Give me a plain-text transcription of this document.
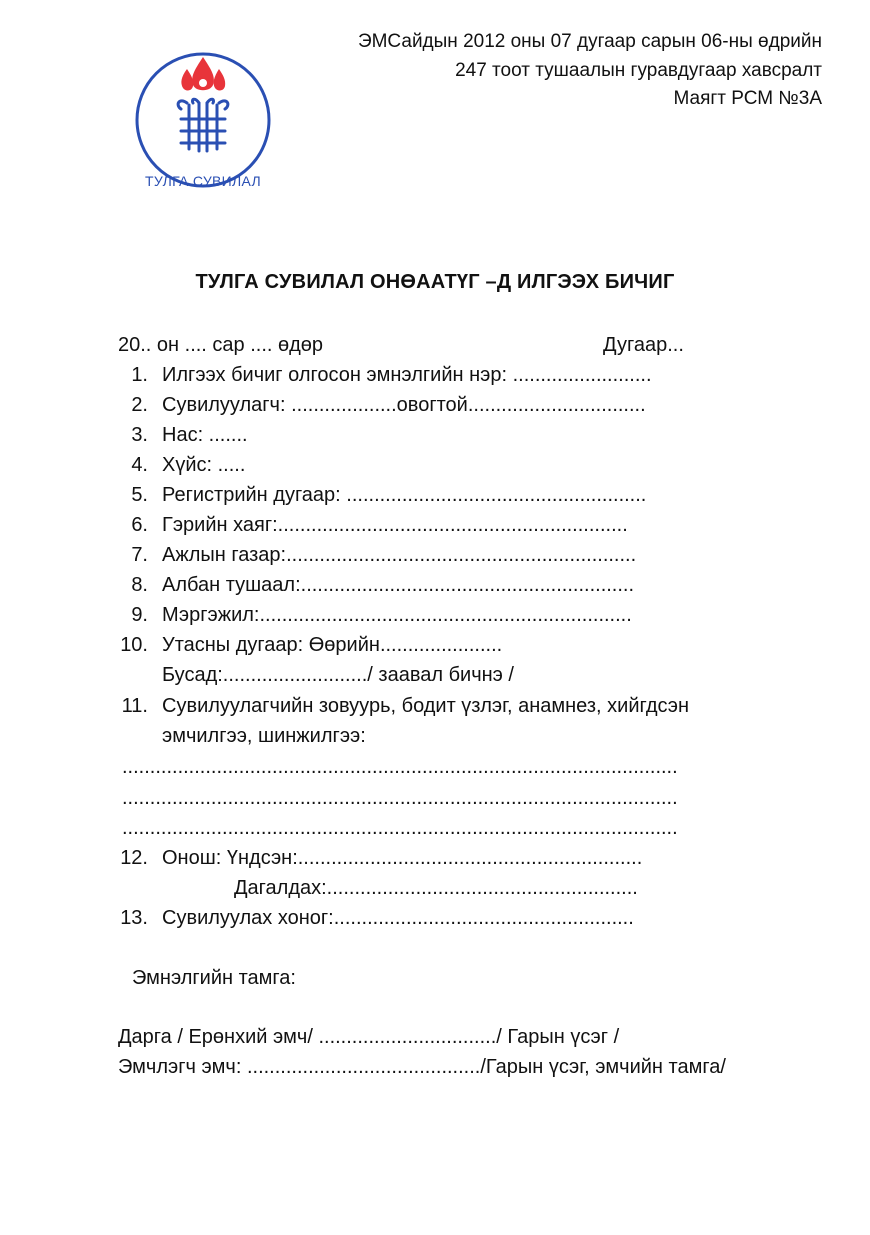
ТУЛГА СУВИЛАЛ
ЭМСайдын 2012 оны 07 дугаар сарын 06-ны өдрийн
247 тоот тушаалын гуравдугаар хавсралт
Маягт РСМ №3А
ТУЛГА СУВИЛАЛ ОНӨААТҮГ –Д ИЛГЭЭХ БИЧИГ
20.. он .... сар .... өдөр	Дугаар...
1. Илгээх бичиг олгосон эмнэлгийн нэр: .........................
2. Сувилуулагч: ...................овогтой................................
3. Нас: .......
4. Хүйс: .....
5. Регистрийн дугаар: ......................................................
6. Гэрийн хаяг:...............................................................
7. Ажлын газар:...............................................................
8. Албан тушаал:............................................................
9. Мэргэжил:...................................................................
10. Утасны дугаар: Өөрийн......................
Бусад:........................../ заавал бичнэ /
11. Сувилуулагчийн зовуурь, бодит үзлэг, анамнез, хийгдсэн
эмчилгээ, шинжилгээ:
....................................................................................................
....................................................................................................
....................................................................................................
12. Онош: Үндсэн:..............................................................
Дагалдах:........................................................
13. Сувилуулах хоног:......................................................
Эмнэлгийн тамга:
Дарга / Ерөнхий эмч/ ................................/ Гарын үсэг /
Эмчлэгч эмч: ........................................../Гарын үсэг, эмчийн тамга/
